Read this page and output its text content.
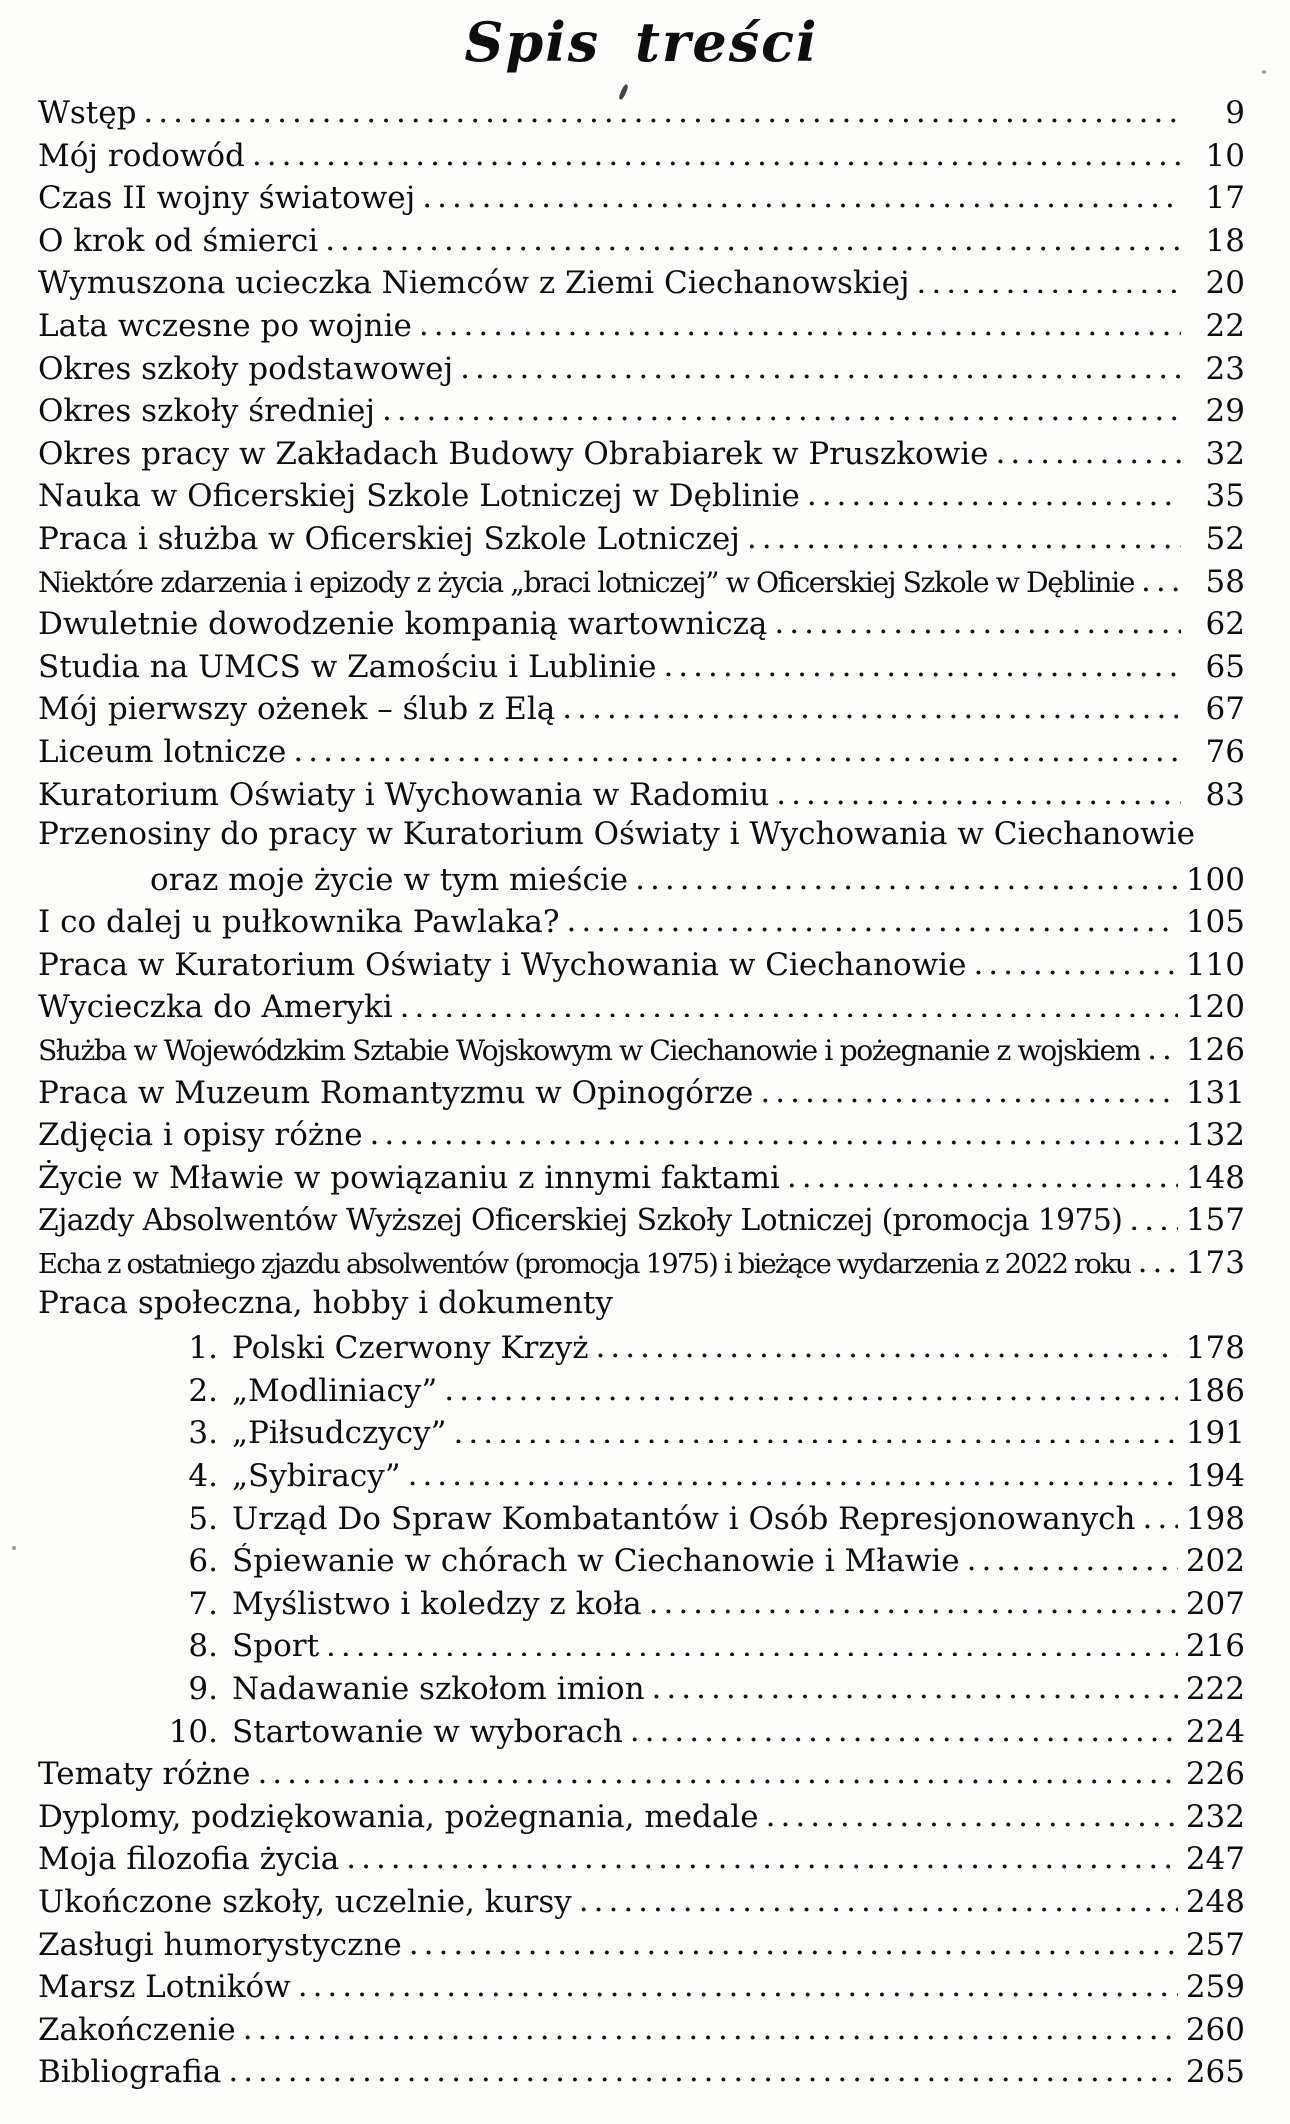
Spis treści
Wstęp .....	9
Mój rodowód .....	10
Czas II wojny światowej .....	17
O krok od śmierci .....	18
Wymuszona ucieczka Niemców z Ziemi Ciechanowskiej .....	20
Lata wczesne po wojnie .....	22
Okres szkoły podstawowej .....	23
Okres szkoły średniej .....	29
Okres pracy w Zakładach Budowy Obrabiarek w Pruszkowie .....	32
Nauka w Oficerskiej Szkole Lotniczej w Dęblinie .....	35
Praca i służba w Oficerskiej Szkole Lotniczej .....	52
Niektóre zdarzenia i epizody z życia „braci lotniczej” w Oficerskiej Szkole w Dęblinie .....	58
Dwuletnie dowodzenie kompanią wartowniczą .....	62
Studia na UMCS w Zamościu i Lublinie .....	65
Mój pierwszy ożenek – ślub z Elą .....	67
Liceum lotnicze .....	76
Kuratorium Oświaty i Wychowania w Radomiu .....	83
Przenosiny do pracy w Kuratorium Oświaty i Wychowania w Ciechanowie
oraz moje życie w tym mieście .....	100
I co dalej u pułkownika Pawlaka? .....	105
Praca w Kuratorium Oświaty i Wychowania w Ciechanowie .....	110
Wycieczka do Ameryki .....	120
Służba w Wojewódzkim Sztabie Wojskowym w Ciechanowie i pożegnanie z wojskiem ..... 126
Praca w Muzeum Romantyzmu w Opinogórze .....	131
Zdjęcia i opisy różne .....	132
Życie w Mławie w powiązaniu z innymi faktami .....	148
Zjazdy Absolwentów Wyższej Oficerskiej Szkoły Lotniczej (promocja 1975) ..... 157
Echa z ostatniego zjazdu absolwentów (promocja 1975) i bieżące wydarzenia z 2022 roku ..... 173
Praca społeczna, hobby i dokumenty
1. Polski Czerwony Krzyż .....	178
2. „Modliniacy” .....	186
3. „Piłsudczycy” .....	191
4. „Sybiracy” .....	194
5. Urząd Do Spraw Kombatantów i Osób Represjonowanych ..... 198
6. Śpiewanie w chórach w Ciechanowie i Mławie .....	202
7. Myślistwo i koledzy z koła .....	207
8. Sport .....	216
9. Nadawanie szkołom imion .....	222
10. Startowanie w wyborach .....	224
Tematy różne .....	226
Dyplomy, podziękowania, pożegnania, medale .....	232
Moja filozofia życia .....	247
Ukończone szkoły, uczelnie, kursy .....	248
Zasługi humorystyczne .....	257
Marsz Lotników .....	259
Zakończenie .....	260
Bibliografia .....	265
